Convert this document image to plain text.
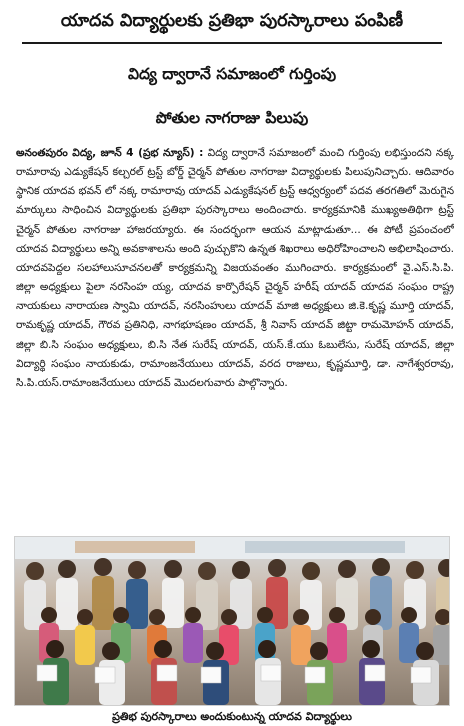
యాదవ విద్యార్థులకు ప్రతిభా పురస్కారాలు పంపిణీ
విద్య ద్వారానే సమాజంలో గుర్తింపు
పోతుల నాగరాజు పిలుపు
అనంతపురం విద్య, జూన్ 4 (ప్రభ న్యూస్) : విద్య ద్వారానే సమాజంలో మంచి గుర్తింపు లభిస్తుందని నక్క రామారావు ఎడ్యుకేషన్ కల్చరల్ ట్రస్ట్ బోర్డ్ చైర్మన్ పోతుల నాగరాజు విద్యార్థులకు పిలుపునిచ్చారు. ఆదివారం స్థానిక యాదవ భవన్ లో నక్క రామారావు యాదవ్ ఎడ్యుకేషనల్ ట్రస్ట్ ఆధ్వర్యంలో పదవ తరగతిలో మెరుగైన మార్కులు సాధించిన విద్యార్థులకు ప్రతిభా పురస్కారాలు అందించారు. కార్యక్రమానికి ముఖ్యఅతిథిగా ట్రస్ట్ చైర్మన్ పోతుల నాగరాజు హాజరయ్యారు. ఈ సందర్భంగా ఆయన మాట్లాడుతూ... ఈ పోటీ ప్రపంచంలో యాదవ విద్యార్థులు అన్ని అవకాశాలను అంది పుచ్చుకొని ఉన్నత శిఖరాలు అధిరోహించాలని అభిలాషించారు. యాదవపెద్దల సలహాలుసూచనలతో కార్యక్రమన్ని విజయవంతం ముగించారు. కార్యక్రమంలో వై.ఎస్.సి.పి. జిల్లా అధ్యక్షులు పైలా నరసింహ య్య, యాదవ కార్పొరేషన్ చైర్మన్ హరీష్ యాదవ్ యాదవ సంఘం రాష్ట్ర నాయకులు నారాయణ స్వామి యాదవ్, నరసింహులు యాదవ్ మాజి అధ్యక్షులు జి.కె.కృష్ణ మూర్తి యాదవ్, రామకృష్ణ యాదవ్, గౌరవ ప్రతినిధి, నాగభూషణం యాదవ్, శ్రీ నివాస్ యాదవ్ జిట్టా రామమోహన్ యాదవ్, జిల్లా బి.సి సంఘం అధ్యక్షులు, బి.సి నేత సురేష్ యాదవ్, యస్.కే.యు ఓబులేసు, సురేష్ యాదవ్, జిల్లా విద్యార్థి సంఘం నాయకుడు, రామాంజనేయులు యాదవ్, వరద రాజులు, కృష్ణమూర్తి, డా. నాగేశ్వరరావు, సి.పి.యస్.రామాంజనేయులు యాదవ్ మొదలగువారు పాల్గొన్నారు.
ప్రతిభ పురస్కారాలు అందుకుంటున్న యాదవ విద్యార్థులు
